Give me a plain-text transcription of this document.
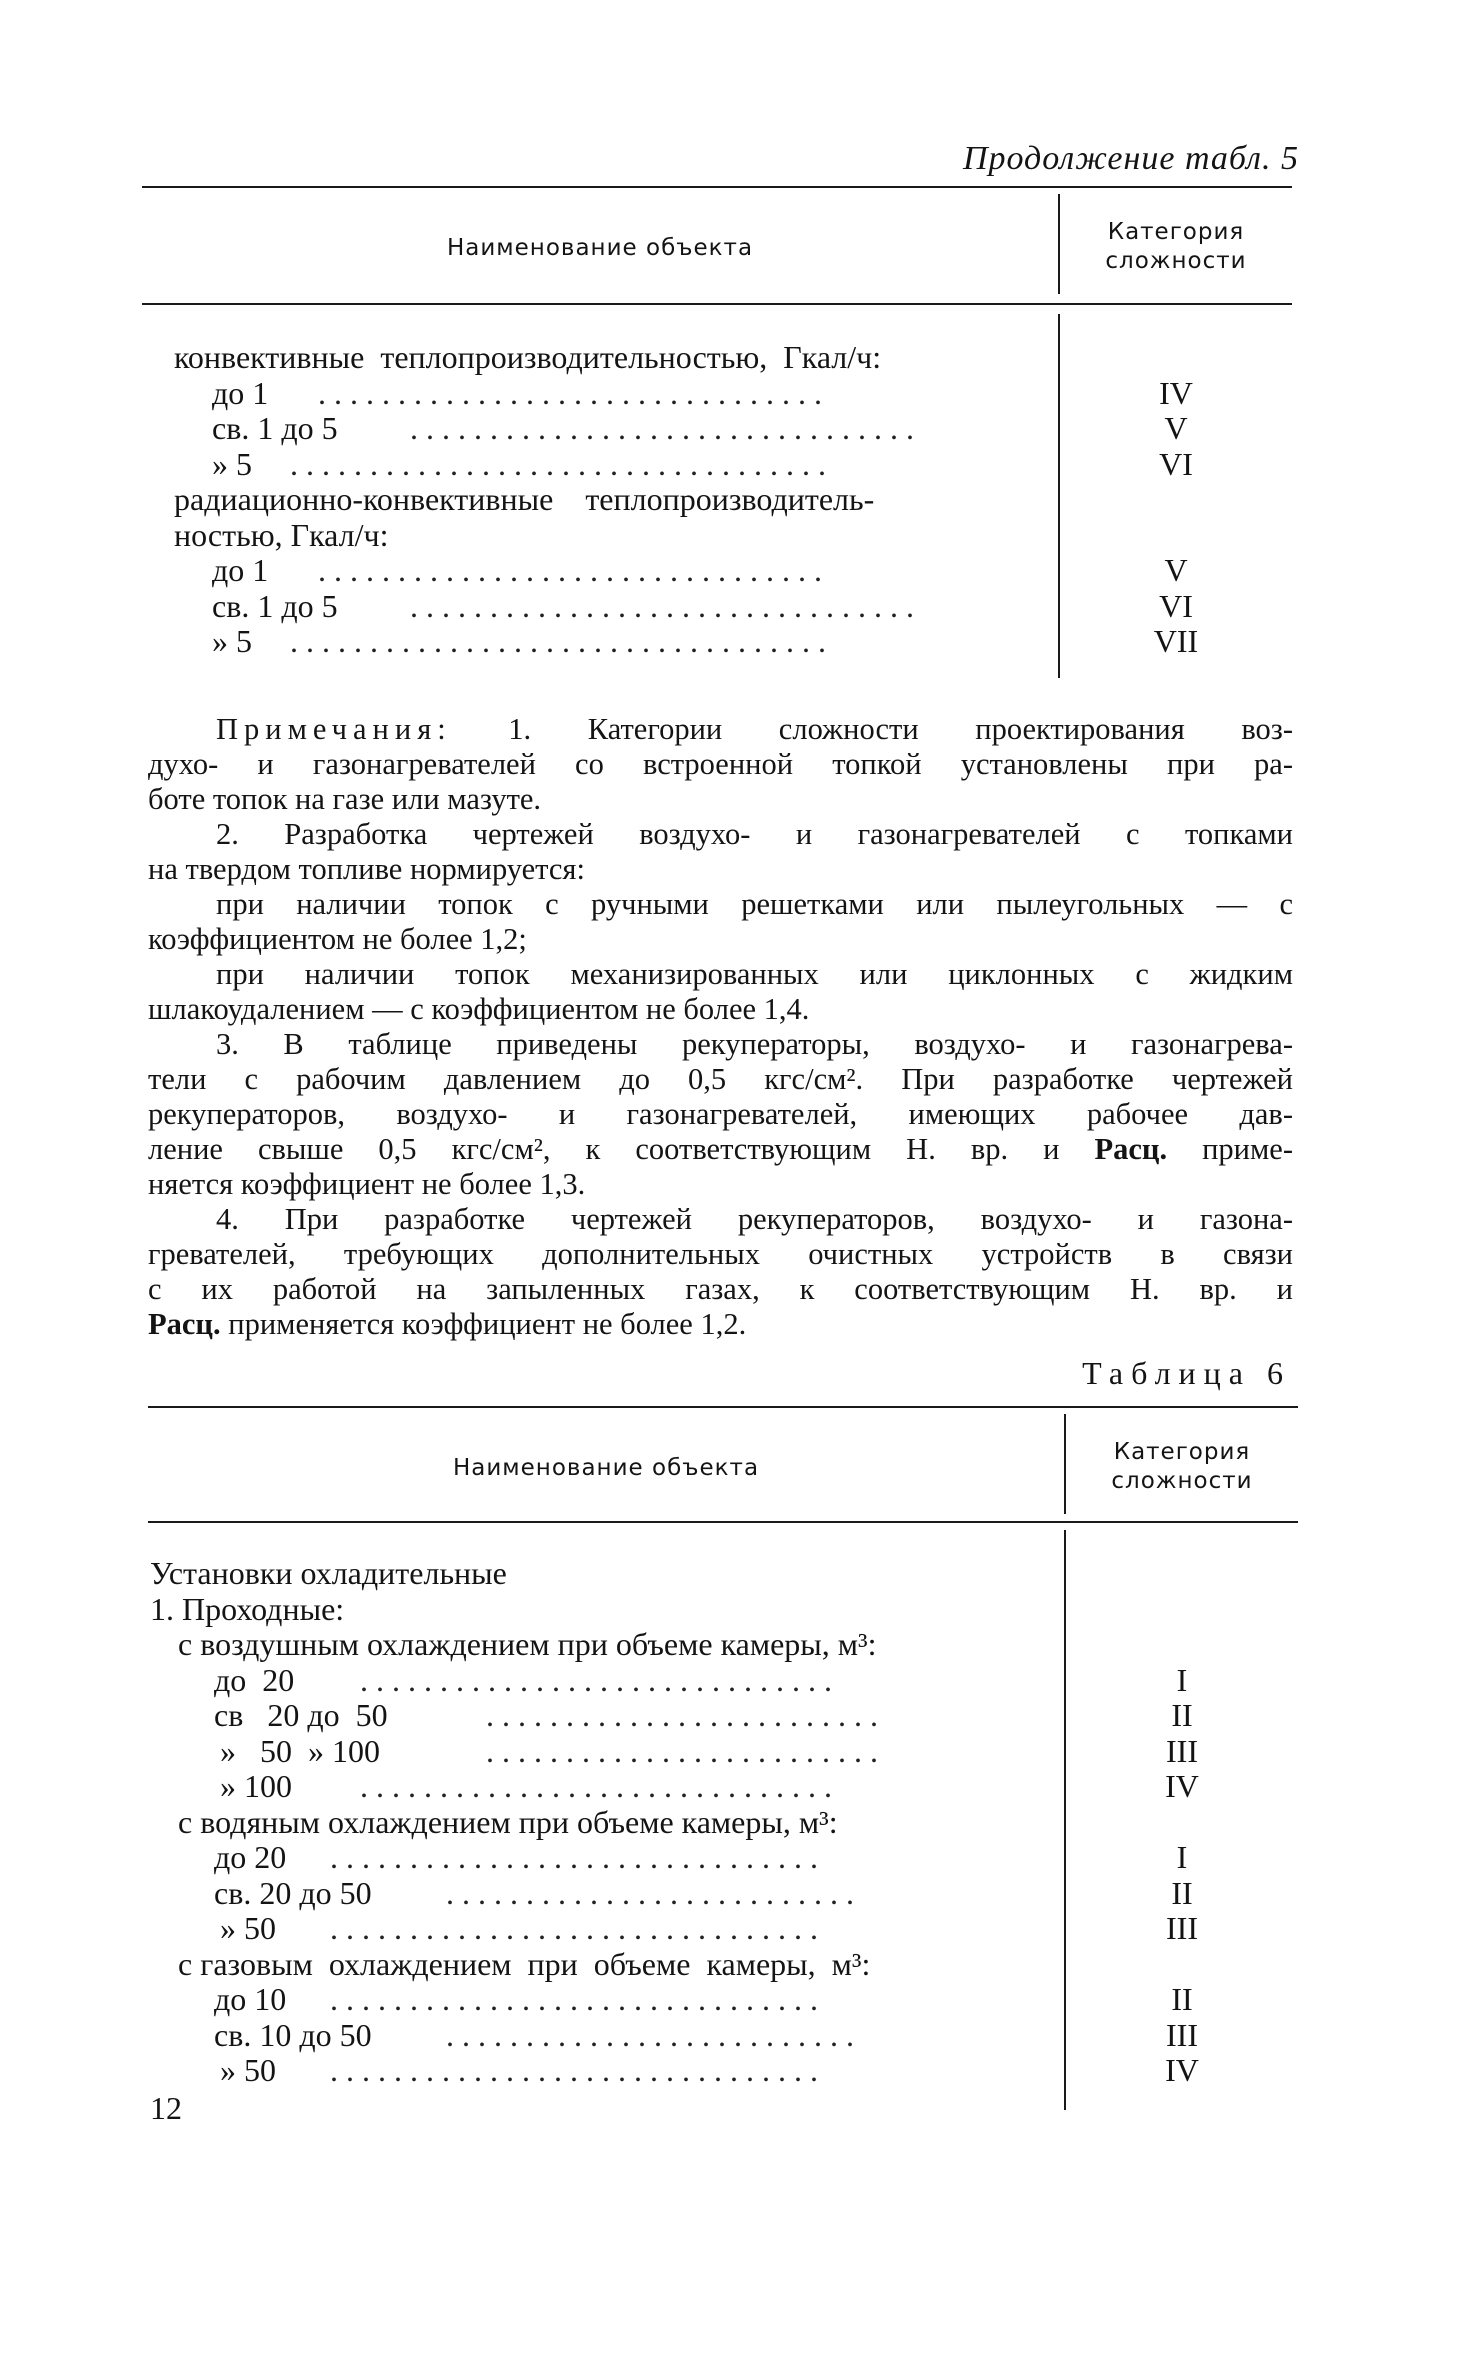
Продолжение табл. 5
Наименование объекта
Категория
сложности
конвективные  теплопроизводительностью,  Гкал/ч:
до 1 . . . . . . . . . . . . . . . . . . . . . . . . . . . . . . . .	IV
св. 1 до 5 . . . . . . . . . . . . . . . . . . . . . . . . . . . . . . . .	V
» 5 . . . . . . . . . . . . . . . . . . . . . . . . . . . . . . . . . .	VI
радиационно-конвективные    теплопроизводитель-
ностью, Гкал/ч:
до 1 . . . . . . . . . . . . . . . . . . . . . . . . . . . . . . . .	V
св. 1 до 5 . . . . . . . . . . . . . . . . . . . . . . . . . . . . . . . .	VI
» 5 . . . . . . . . . . . . . . . . . . . . . . . . . . . . . . . . . .	VII

Примечания: 1. Категории сложности проектирования воз-

духо- и газонагревателей со встроенной топкой установлены при ра-

боте топок на газе или мазуте.

2. Разработка чертежей воздухо- и газонагревателей с топками

на твердом топливе нормируется:

при наличии топок с ручными решетками или пылеугольных — с

коэффициентом не более 1,2;

при наличии топок механизированных или циклонных с жидким

шлакоудалением — с коэффициентом не более 1,4.

3. В таблице приведены рекуператоры, воздухо- и газонагрева-

тели с рабочим давлением до 0,5 кгс/см². При разработке чертежей

рекуператоров, воздухо- и газонагревателей, имеющих рабочее дав-

ление свыше 0,5 кгс/см², к соответствующим Н. вр. и Расц. приме-

няется коэффициент не более 1,3.

4. При разработке чертежей рекуператоров, воздухо- и газона-

гревателей, требующих дополнительных очистных устройств в связи

с их работой на запыленных газах, к соответствующим Н. вр. и

Расц. применяется коэффициент не более 1,2.

Таблица 6
Наименование объекта
Категория
сложности
Установки охладительные
1. Проходные:
с воздушным охлаждением при объеме камеры, м³:
до  20 . . . . . . . . . . . . . . . . . . . . . . . . . . . . . .	I
св   20 до  50	. . . . . . . . . . . . . . . . . . . . . . . . .	II
»   50  » 100	. . . . . . . . . . . . . . . . . . . . . . . . .	III
» 100 . . . . . . . . . . . . . . . . . . . . . . . . . . . . . .	IV
с водяным охлаждением при объеме камеры, м³:
до 20 . . . . . . . . . . . . . . . . . . . . . . . . . . . . . . .	I
св. 20 до 50 . . . . . . . . . . . . . . . . . . . . . . . . . .	II
» 50 . . . . . . . . . . . . . . . . . . . . . . . . . . . . . . .	III
с газовым  охлаждением  при  объеме  камеры,  м³:
до 10 . . . . . . . . . . . . . . . . . . . . . . . . . . . . . . .	II
св. 10 до 50 . . . . . . . . . . . . . . . . . . . . . . . . . .	III
» 50 . . . . . . . . . . . . . . . . . . . . . . . . . . . . . . .	IV
12
